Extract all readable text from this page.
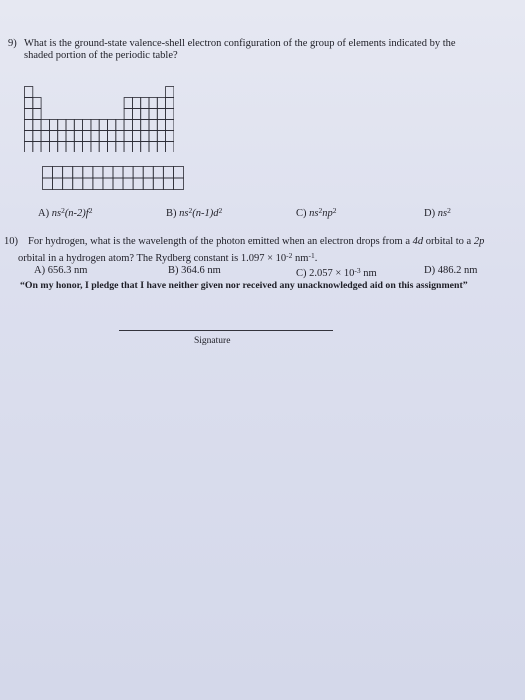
9) What is the ground-state valence-shell electron configuration of the group of elements indicated by the
shaded portion of the periodic table?
A) $ns^2(n-2)f^2$	B) $ns^2(n-1)d^2$	C) $ns^2np^2$	D) $ns^2$
10) For hydrogen, what is the wavelength of the photon emitted when an electron drops from a 4d orbital to a 2p
orbital in a hydrogen atom? The Rydberg constant is $1.097 \times 10^{-2}$ $nm^{-1}$.
A) 656.3 nm	B) 364.6 nm	C) $2.057 \times 10^{-3}$ nm	D) 486.2 nm
“On my honor, I pledge that I have neither given nor received any unacknowledged aid on this assignment”
Signature
